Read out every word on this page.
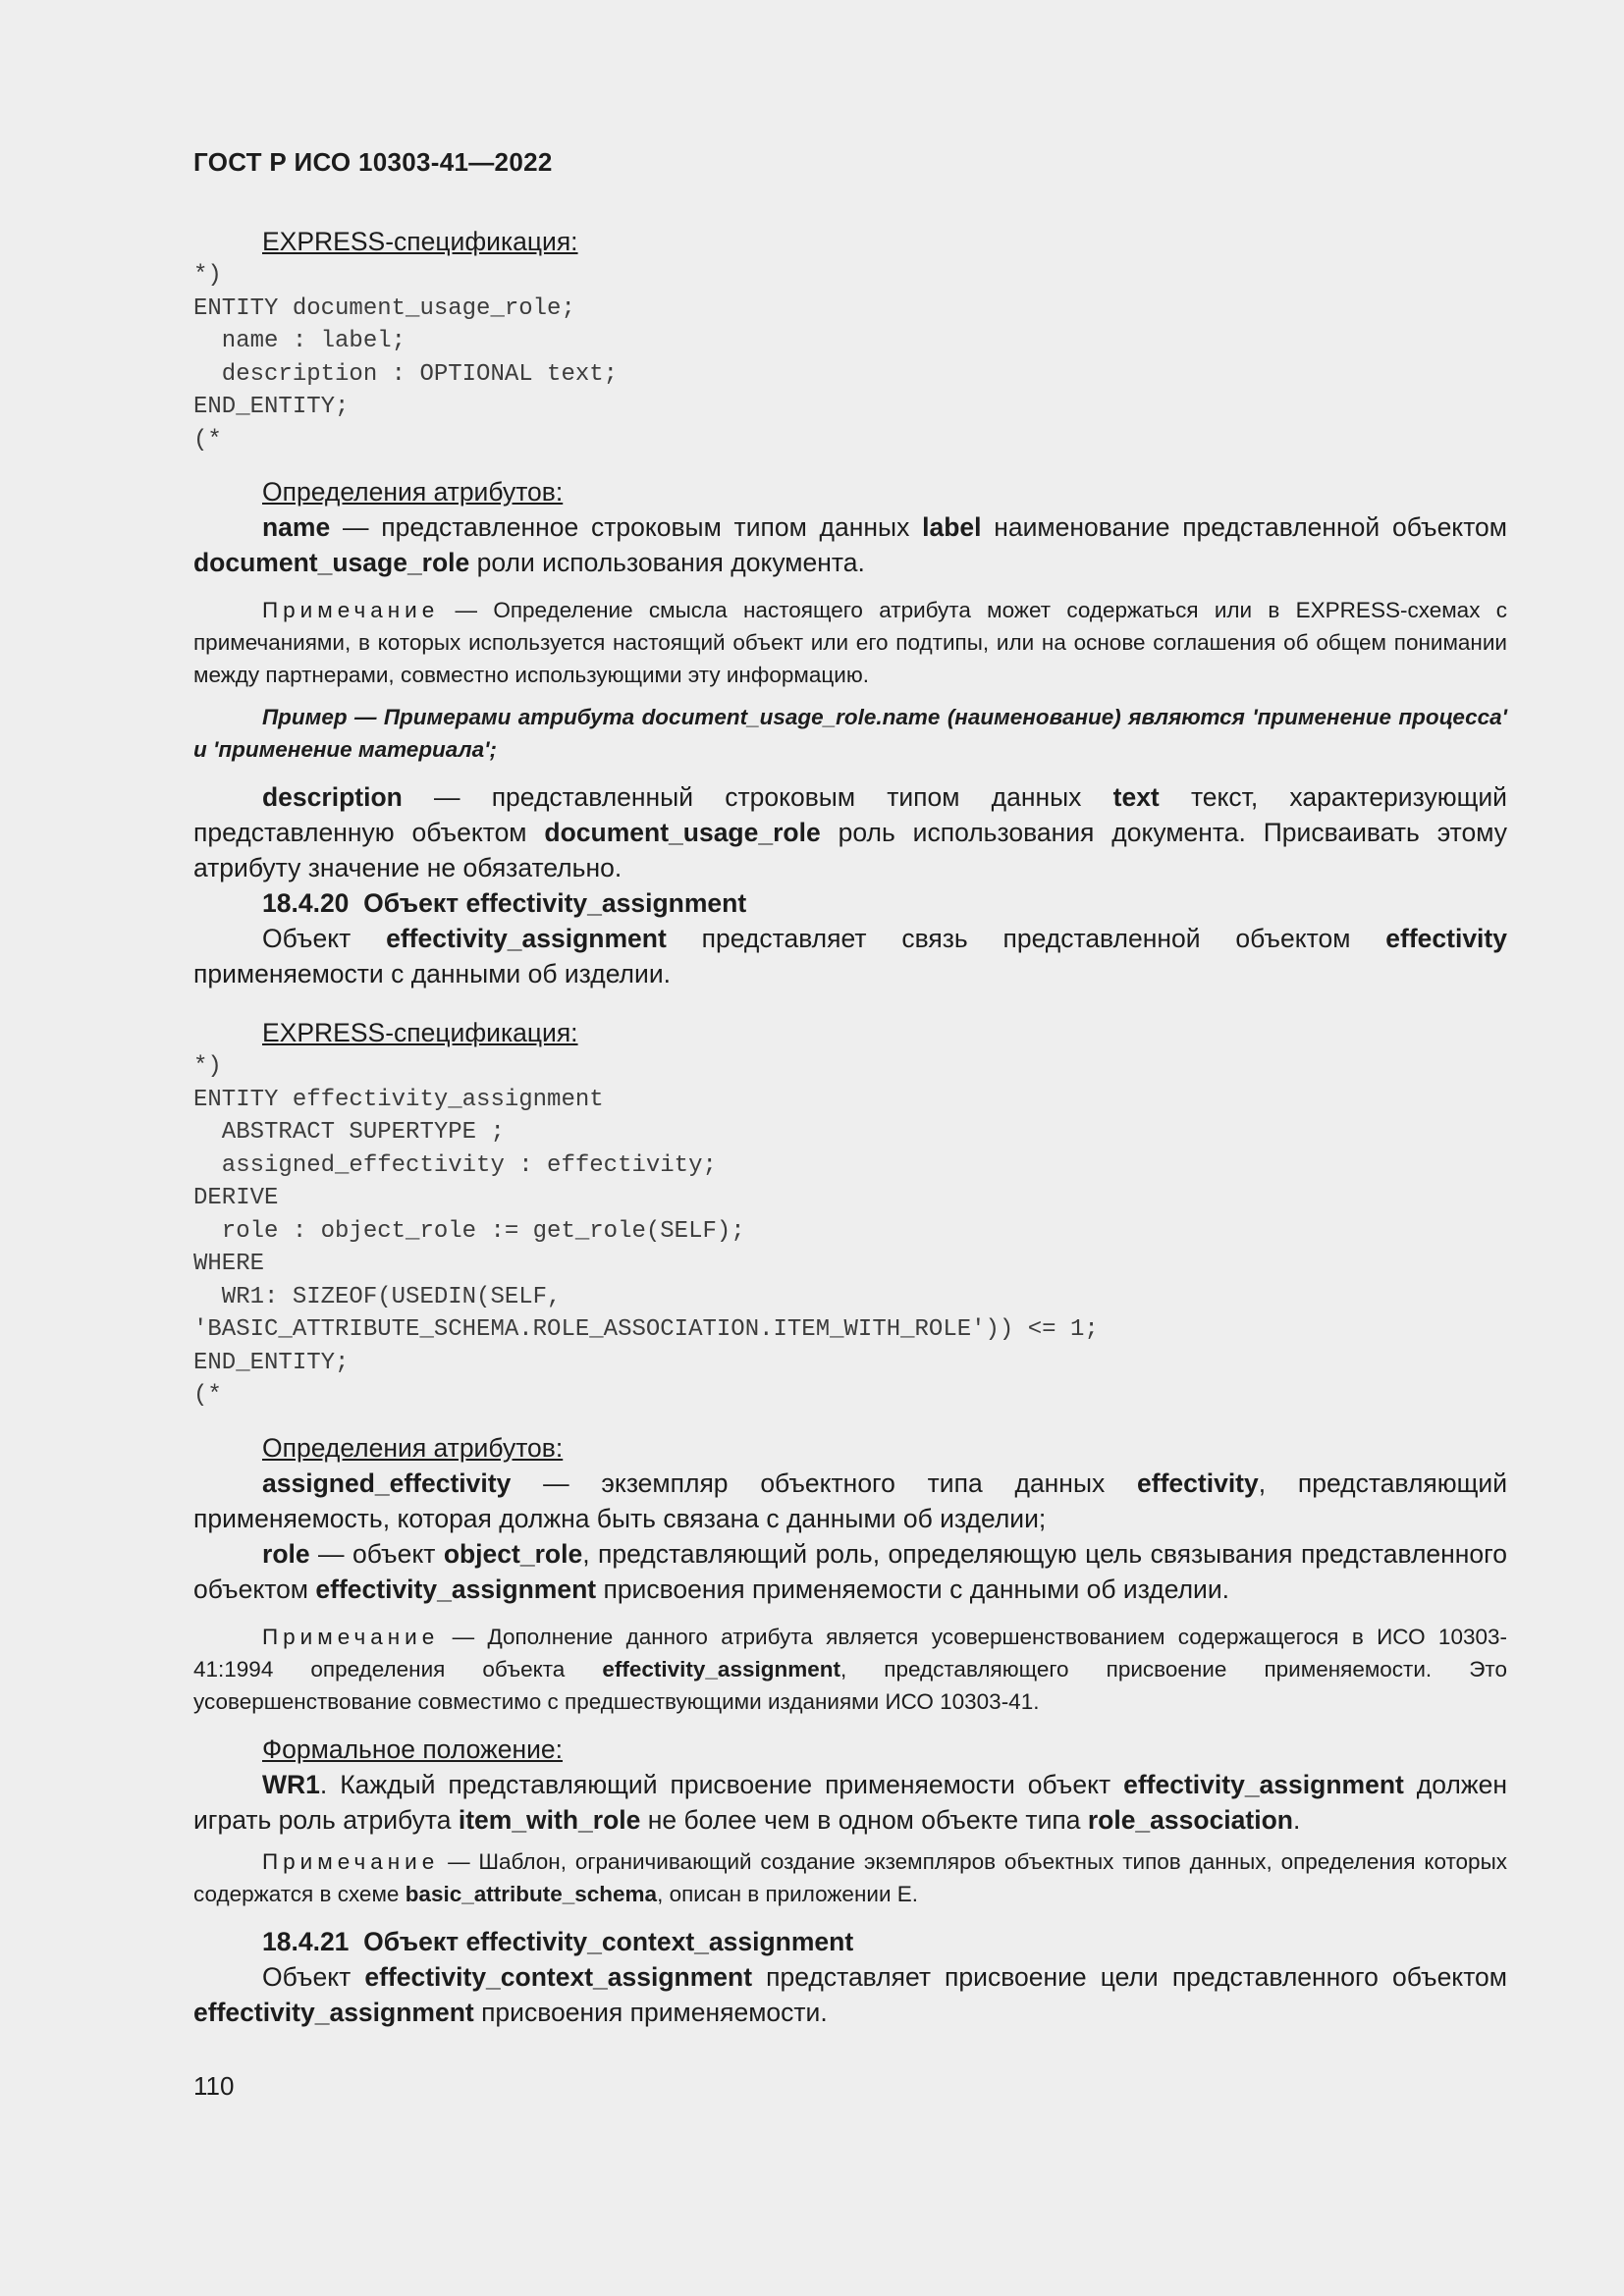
ГОСТ Р ИСО 10303-41—2022

EXPRESS-спецификация:

*)
ENTITY document_usage_role;
name : label;
description : OPTIONAL text;
END_ENTITY;
(*

Определения атрибутов:

name — представленное строковым типом данных label наименование представленной объектом document_usage_role роли использования документа.

Примечание — Определение смысла настоящего атрибута может содержаться или в EXPRESS-схемах с примечаниями, в которых используется настоящий объект или его подтипы, или на основе соглашения об общем понимании между партнерами, совместно использующими эту информацию.

Пример — Примерами атрибута document_usage_role.name (наименование) являются 'применение процесса' и 'применение материала';

description — представленный строковым типом данных text текст, характеризующий представленную объектом document_usage_role роль использования документа. Присваивать этому атрибуту значение не обязательно.

18.4.20 Объект effectivity_assignment

Объект effectivity_assignment представляет связь представленной объектом effectivity применяемости с данными об изделии.

EXPRESS-спецификация:

*)
ENTITY effectivity_assignment
ABSTRACT SUPERTYPE ;
assigned_effectivity : effectivity;
DERIVE
role : object_role := get_role(SELF);
WHERE
WR1: SIZEOF(USEDIN(SELF,
'BASIC_ATTRIBUTE_SCHEMA.ROLE_ASSOCIATION.ITEM_WITH_ROLE')) <= 1;
END_ENTITY;
(*

Определения атрибутов:

assigned_effectivity — экземпляр объектного типа данных effectivity, представляющий применяемость, которая должна быть связана с данными об изделии;

role — объект object_role, представляющий роль, определяющую цель связывания представленного объектом effectivity_assignment присвоения применяемости с данными об изделии.

Примечание — Дополнение данного атрибута является усовершенствованием содержащегося в ИСО 10303-41:1994 определения объекта effectivity_assignment, представляющего присвоение применяемости. Это усовершенствование совместимо с предшествующими изданиями ИСО 10303-41.

Формальное положение:

WR1. Каждый представляющий присвоение применяемости объект effectivity_assignment должен играть роль атрибута item_with_role не более чем в одном объекте типа role_association.

Примечание — Шаблон, ограничивающий создание экземпляров объектных типов данных, определения которых содержатся в схеме basic_attribute_schema, описан в приложении E.

18.4.21 Объект effectivity_context_assignment

Объект effectivity_context_assignment представляет присвоение цели представленного объектом effectivity_assignment присвоения применяемости.

110
